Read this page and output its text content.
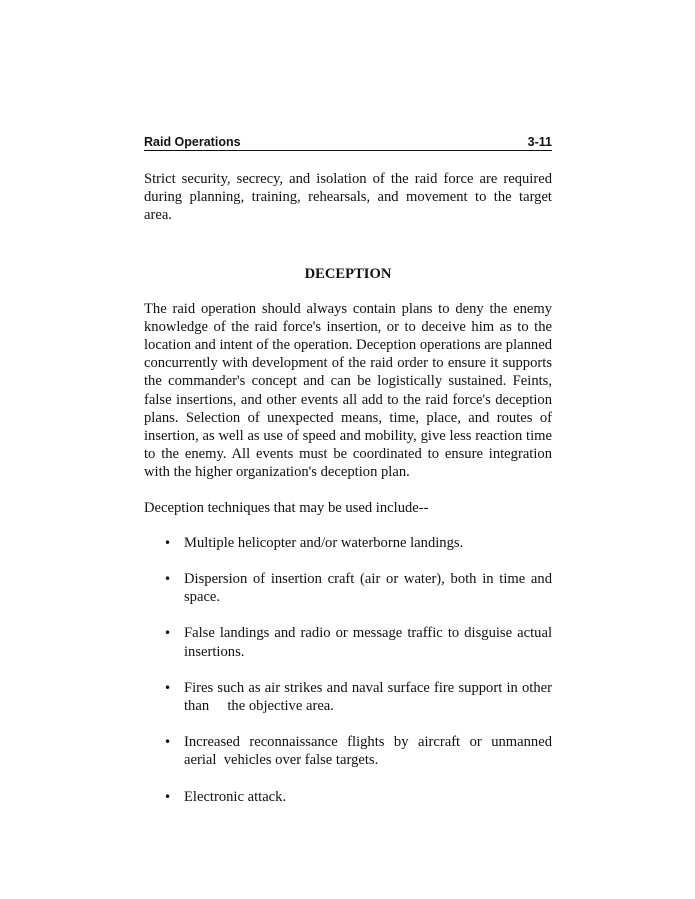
Raid Operations	3-11

Strict security, secrecy, and isolation of the raid force are required during planning, training, rehearsals, and movement to the target area.

DECEPTION

The raid operation should always contain plans to deny the enemy knowledge of the raid force's insertion, or to deceive him as to the location and intent of the operation. Deception operations are planned concurrently with development of the raid order to ensure it supports the commander's concept and can be logistically sustained. Feints, false insertions, and other events all add to the raid force's deception plans. Selection of unexpected means, time, place, and routes of insertion, as well as use of speed and mobility, give less reaction time to the enemy. All events must be coordinated to ensure integration with the higher organization's deception plan.

Deception techniques that may be used include--

• Multiple helicopter and/or waterborne landings.
• Dispersion of insertion craft (air or water), both in time and space.
• False landings and radio or message traffic to disguise actual insertions.
• Fires such as air strikes and naval surface fire support in other than     the objective area.
• Increased reconnaissance flights by aircraft or unmanned aerial  vehicles over false targets.
• Electronic attack.
